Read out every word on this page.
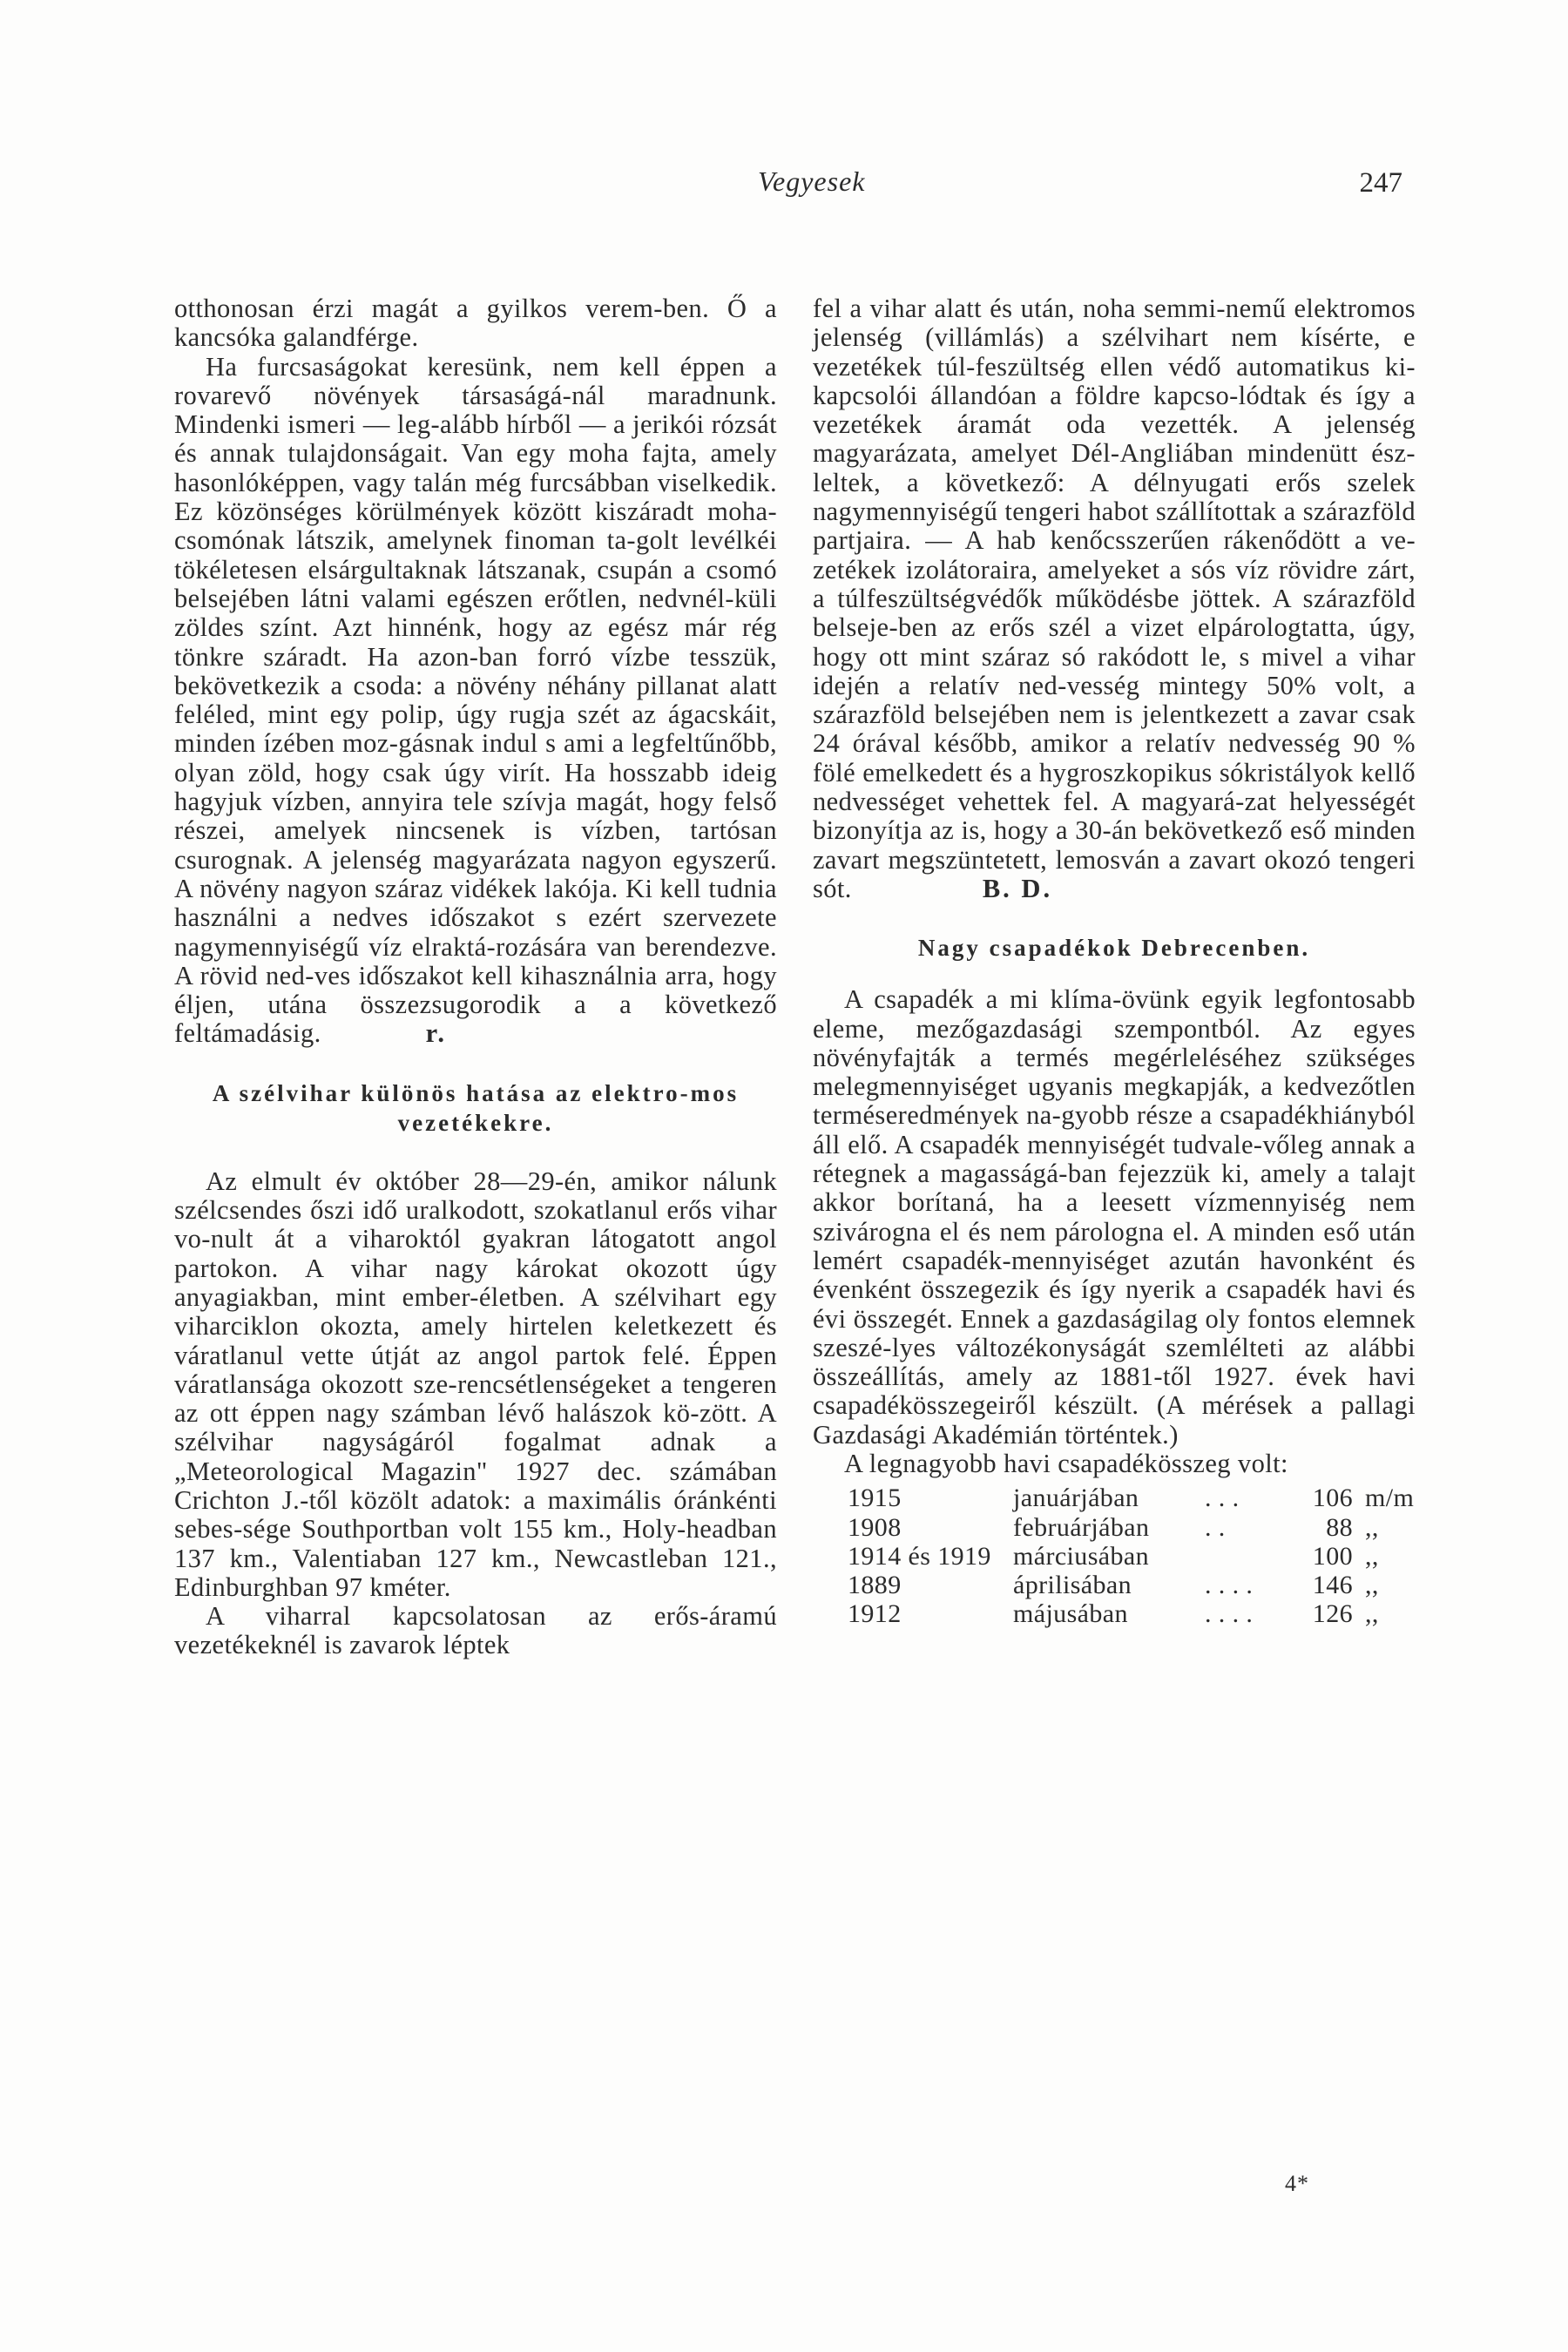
Vegyesek	247

otthonosan érzi magát a gyilkos verem-ben. Ő a kancsóka galandférge.

Ha furcsaságokat keresünk, nem kell éppen a rovarevő növények társaságá-nál maradnunk. Mindenki ismeri — leg-alább hírből — a jerikói rózsát és annak tulajdonságait. Van egy moha fajta, amely hasonlóképpen, vagy talán még furcsábban viselkedik. Ez közönséges körülmények között kiszáradt moha-csomónak látszik, amelynek finoman ta-golt levélkéi tökéletesen elsárgultaknak látszanak, csupán a csomó belsejében látni valami egészen erőtlen, nedvnél-küli zöldes színt. Azt hinnénk, hogy az egész már rég tönkre száradt. Ha azon-ban forró vízbe tesszük, bekövetkezik a csoda: a növény néhány pillanat alatt feléled, mint egy polip, úgy rugja szét az ágacskáit, minden ízében moz-gásnak indul s ami a legfeltűnőbb, olyan zöld, hogy csak úgy virít. Ha hosszabb ideig hagyjuk vízben, annyira tele szívja magát, hogy felső részei, amelyek nincsenek is vízben, tartósan csurognak. A jelenség magyarázata nagyon egyszerű. A növény nagyon száraz vidékek lakója. Ki kell tudnia használni a nedves időszakot s ezért szervezete nagymennyiségű víz elraktá-rozására van berendezve. A rövid ned-ves időszakot kell kihasználnia arra, hogy éljen, utána összezsugorodik a a következő feltámadásig.	r.

A szélvihar különös hatása az elektro-mos vezetékekre.

Az elmult év október 28—29-én, amikor nálunk szélcsendes őszi idő uralkodott, szokatlanul erős vihar vo-nult át a viharoktól gyakran látogatott angol partokon. A vihar nagy károkat okozott úgy anyagiakban, mint ember-életben. A szélvihart egy viharciklon okozta, amely hirtelen keletkezett és váratlanul vette útját az angol partok felé. Éppen váratlansága okozott sze-rencsétlenségeket a tengeren az ott éppen nagy számban lévő halászok kö-zött. A szélvihar nagyságáról fogalmat adnak a „Meteorological Magazin" 1927 dec. számában Crichton J.-től közölt adatok: a maximális óránkénti sebes-sége Southportban volt 155 km., Holy-headban 137 km., Valentiaban 127 km., Newcastleban 121., Edinburghban 97 kméter.

A viharral kapcsolatosan az erős-áramú vezetékeknél is zavarok léptek

fel a vihar alatt és után, noha semmi-nemű elektromos jelenség (villámlás) a szélvihart nem kísérte, e vezetékek túl-feszültség ellen védő automatikus ki-kapcsolói állandóan a földre kapcso-lódtak és így a vezetékek áramát oda vezették. A jelenség magyarázata, amelyet Dél-Angliában mindenütt ész-leltek, a következő: A délnyugati erős szelek nagymennyiségű tengeri habot szállítottak a szárazföld partjaira. — A hab kenőcsszerűen rákenődött a ve-zetékek izolátoraira, amelyeket a sós víz rövidre zárt, a túlfeszültségvédők működésbe jöttek. A szárazföld belseje-ben az erős szél a vizet elpárologtatta, úgy, hogy ott mint száraz só rakódott le, s mivel a vihar idején a relatív ned-vesség mintegy 50% volt, a szárazföld belsejében nem is jelentkezett a zavar csak 24 órával később, amikor a relatív nedvesség 90 % fölé emelkedett és a hygroszkopikus sókristályok kellő nedvességet vehettek fel. A magyará-zat helyességét bizonyítja az is, hogy a 30-án bekövetkező eső minden zavart megszüntetett, lemosván a zavart okozó tengeri sót.	B. D.

Nagy csapadékok Debrecenben.

A csapadék a mi klíma-övünk egyik legfontosabb eleme, mezőgazdasági szempontból. Az egyes növényfajták a termés megérleléséhez szükséges melegmennyiséget ugyanis megkapják, a kedvezőtlen terméseredmények na-gyobb része a csapadékhiányból áll elő. A csapadék mennyiségét tudvale-vőleg annak a rétegnek a magasságá-ban fejezzük ki, amely a talajt akkor borítaná, ha a leesett vízmennyiség nem szivárogna el és nem párologna el. A minden eső után lemért csapadék-mennyiséget azután havonként és évenként összegezik és így nyerik a csapadék havi és évi összegét. Ennek a gazdaságilag oly fontos elemnek szeszé-lyes változékonyságát szemlélteti az alábbi összeállítás, amely az 1881-től 1927. évek havi csapadékösszegeiről készült. (A mérések a pallagi Gazdasági Akadémián történtek.)

A legnagyobb havi csapadékösszeg volt:

1915	januárjában	. . .	106	m/m
1908	februárjában	. .	88	,,
1914 és 1919	márciusában		100	,,
1889	áprilisában	. . . .	146	,,
1912	májusában	. . . .	126	,,
4*
